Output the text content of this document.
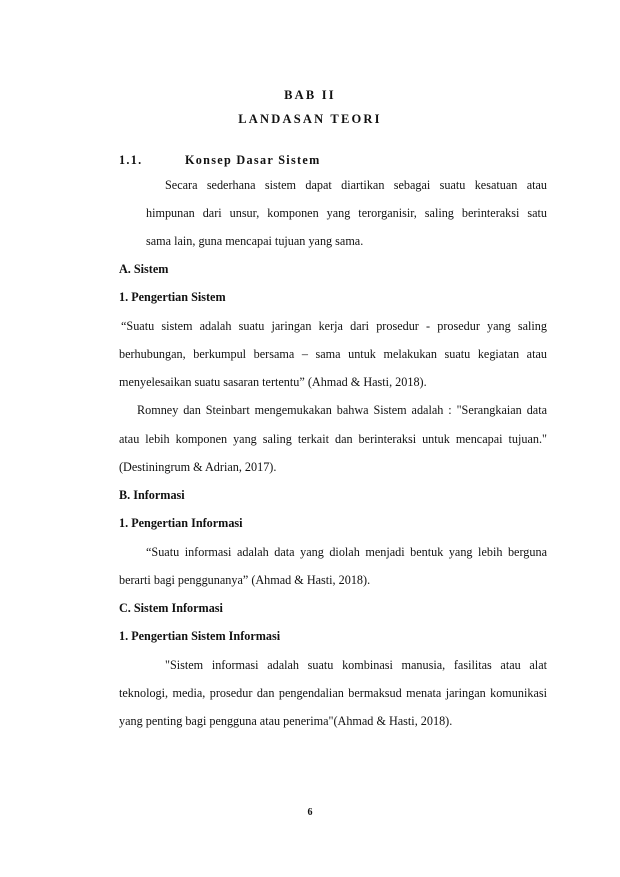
BAB II
LANDASAN TEORI
1.1.	Konsep Dasar Sistem
Secara sederhana sistem dapat diartikan sebagai suatu kesatuan atau
himpunan dari unsur, komponen yang terorganisir, saling berinteraksi satu
sama lain, guna mencapai tujuan yang sama.
A. Sistem
1. Pengertian Sistem
“Suatu sistem adalah suatu jaringan kerja dari prosedur - prosedur yang saling
berhubungan, berkumpul bersama – sama untuk melakukan suatu kegiatan atau
menyelesaikan suatu sasaran tertentu” (Ahmad & Hasti, 2018).
Romney dan Steinbart mengemukakan bahwa Sistem adalah : "Serangkaian data
atau lebih komponen yang saling terkait dan berinteraksi untuk mencapai tujuan."
(Destiningrum & Adrian, 2017).
B. Informasi
1. Pengertian Informasi
“Suatu informasi adalah data yang diolah menjadi bentuk yang lebih berguna
berarti bagi penggunanya” (Ahmad & Hasti, 2018).
C. Sistem Informasi
1. Pengertian Sistem Informasi
"Sistem informasi adalah suatu kombinasi manusia, fasilitas atau alat
teknologi, media, prosedur dan pengendalian bermaksud menata jaringan komunikasi
yang penting bagi pengguna atau penerima"(Ahmad & Hasti, 2018).
6
